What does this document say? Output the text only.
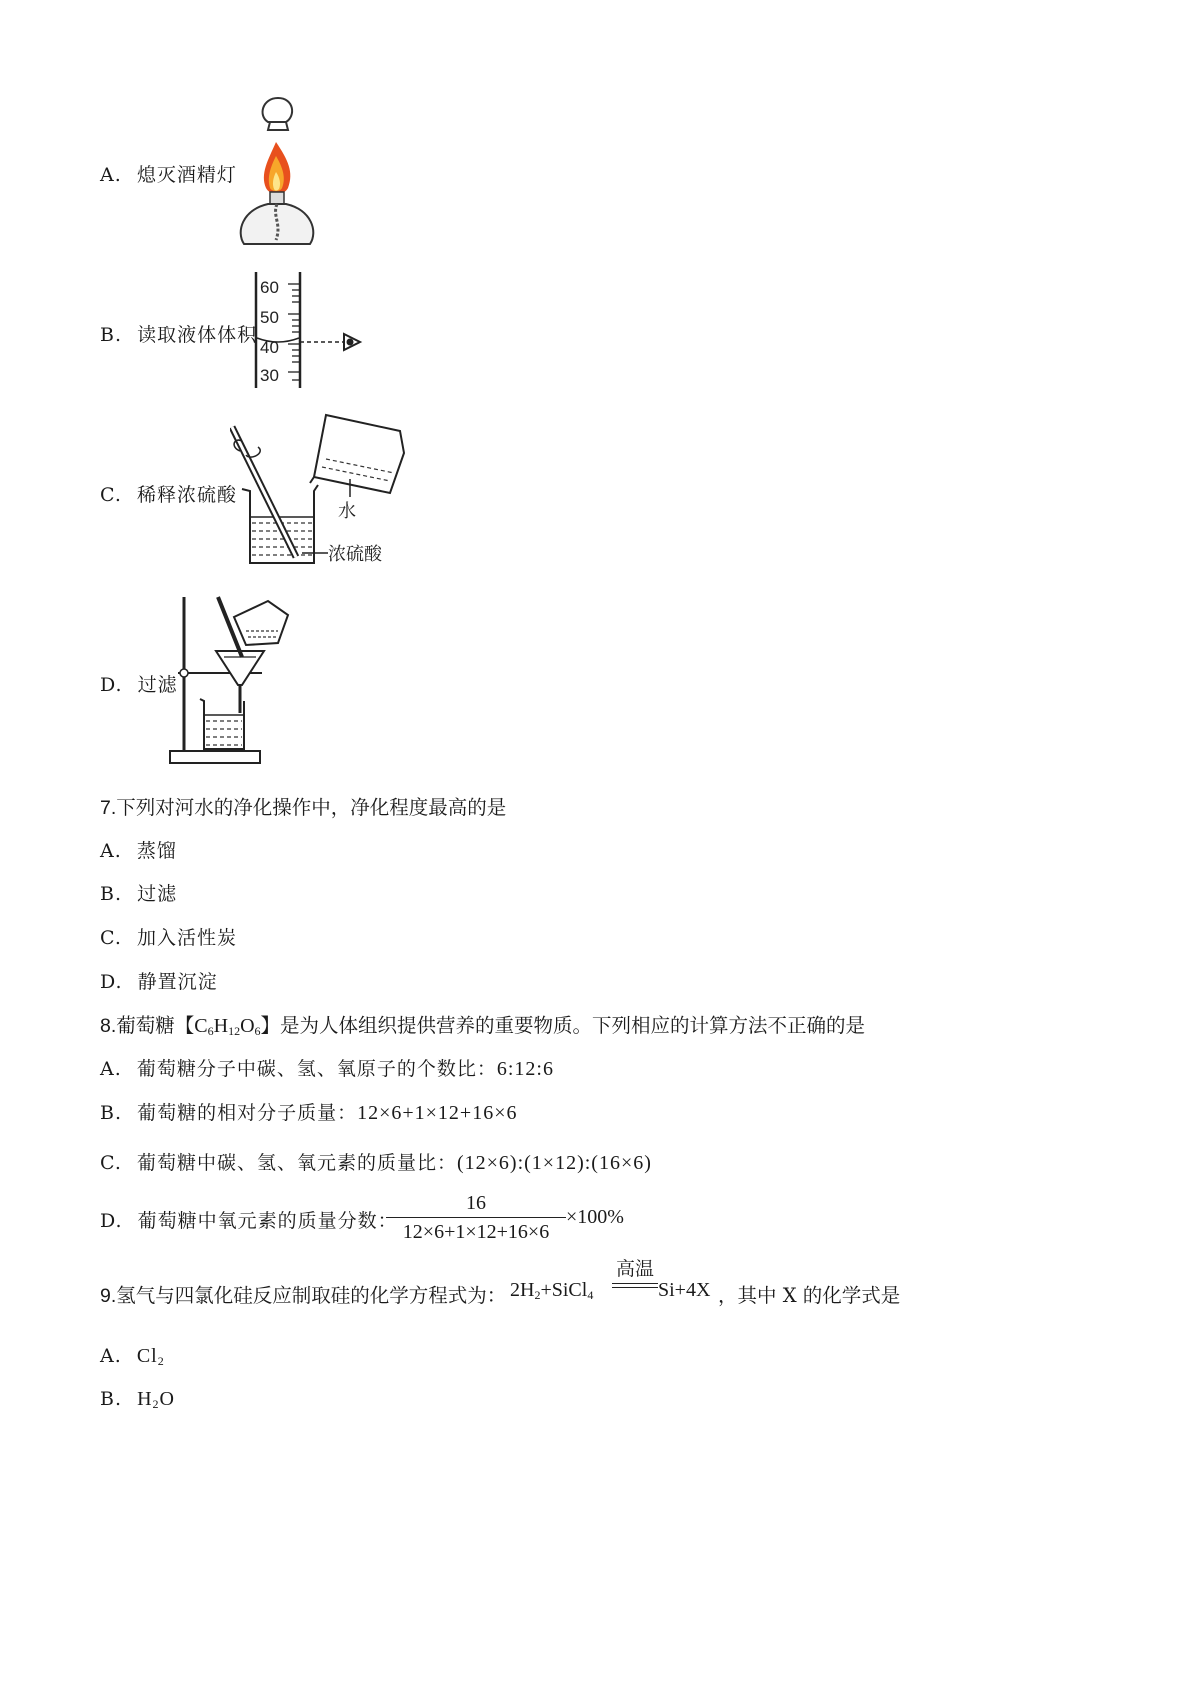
A. 熄灭酒精灯
B. 读取液体体积
60
50
40
30
C. 稀释浓硫酸
水
浓硫酸
D. 过滤
7.下列对河水的净化操作中，净化程度最高的是
A. 蒸馏
B. 过滤
C. 加入活性炭
D. 静置沉淀
8.葡萄糖【$C_6H_{12}O_6$】是为人体组织提供营养的重要物质。下列相应的计算方法不正确的是
A. 葡萄糖分子中碳、氢、氧原子的个数比：6:12:6
B. 葡萄糖的相对分子质量：12×6+1×12+16×6
C. 葡萄糖中碳、氢、氧元素的质量比：(12×6):(1×12):(16×6)
D. 葡萄糖中氧元素的质量分数：
16
12×6+1×12+16×6
×100%
9.氢气与四氯化硅反应制取硅的化学方程式为： $2H_2+SiCl_4$
高温
Si+4X ，其中 X 的化学式是
A. $Cl_2$
B. $H_2O$
